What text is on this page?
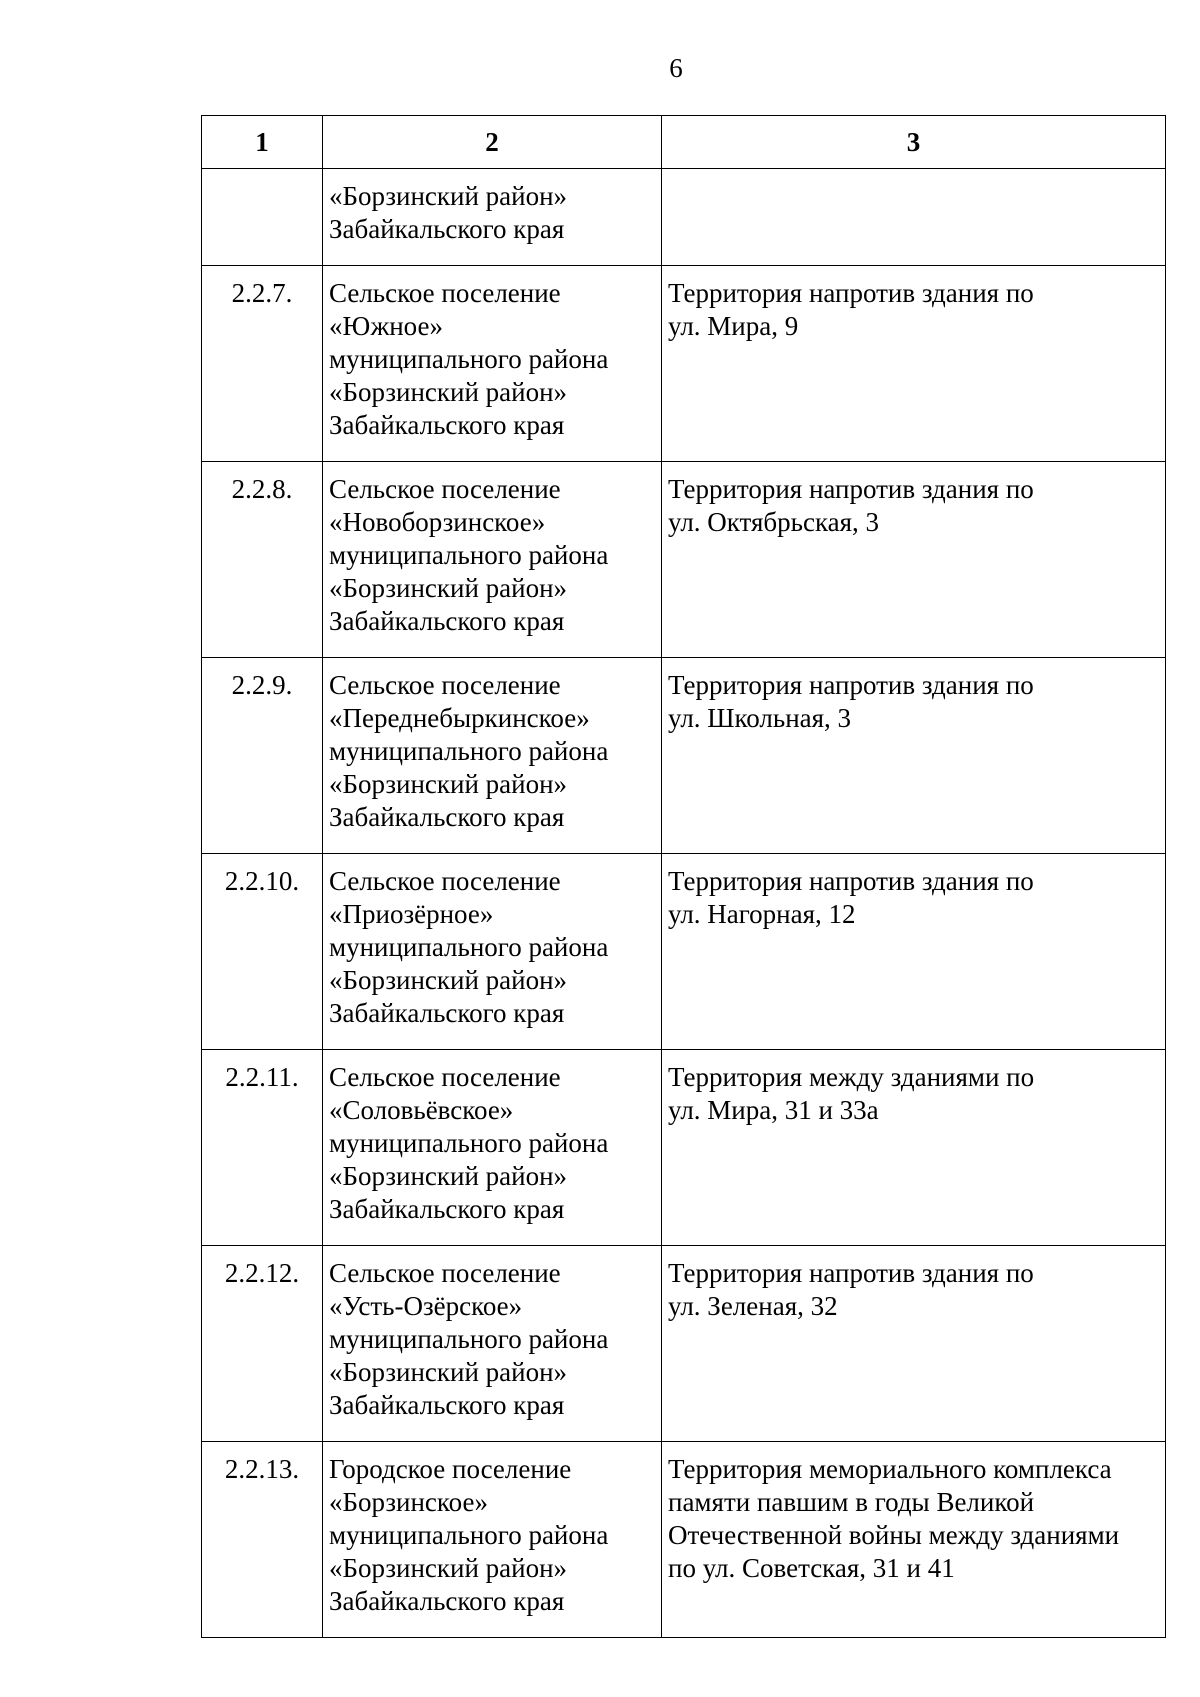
6
1	2	3

	«Борзинский район»
Забайкальского края	

2.2.7.	Сельское поселение
«Южное»
муниципального района
«Борзинский район»
Забайкальского края	Территория напротив здания по
ул. Мира, 9

2.2.8.	Сельское поселение
«Новоборзинское»
муниципального района
«Борзинский район»
Забайкальского края	Территория напротив здания по
ул. Октябрьская, 3

2.2.9.	Сельское поселение
«Переднебыркинское»
муниципального района
«Борзинский район»
Забайкальского края	Территория напротив здания по
ул. Школьная, 3

2.2.10.	Сельское поселение
«Приозёрное»
муниципального района
«Борзинский район»
Забайкальского края	Территория напротив здания по
ул. Нагорная, 12

2.2.11.	Сельское поселение
«Соловьёвское»
муниципального района
«Борзинский район»
Забайкальского края	Территория между зданиями по
ул. Мира, 31 и 33а

2.2.12.	Сельское поселение
«Усть-Озёрское»
муниципального района
«Борзинский район»
Забайкальского края	Территория напротив здания по
ул. Зеленая, 32

2.2.13.	Городское поселение
«Борзинское»
муниципального района
«Борзинский район»
Забайкальского края	Территория мемориального комплекса
памяти павшим в годы Великой
Отечественной войны между зданиями
по ул. Советская, 31 и 41
